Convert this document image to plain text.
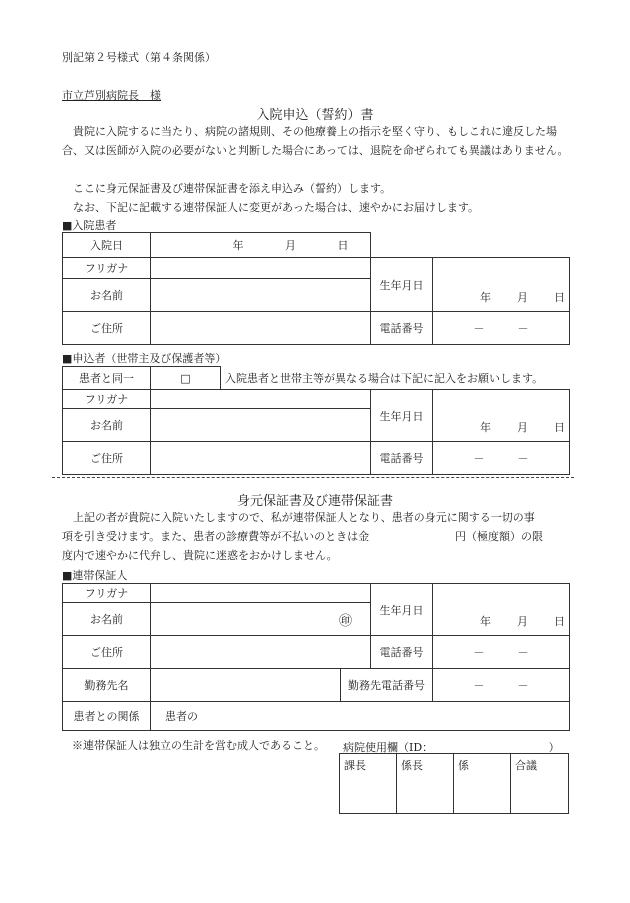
別記第２号様式（第４条関係）
市立芦別病院長　様
入院申込（誓約）書
貴院に入院するに当たり、病院の諸規則、その他療養上の指示を堅く守り、もしこれに違反した場合、又は医師が入院の必要がないと判断した場合にあっては、退院を命ぜられても異議はありません。
ここに身元保証書及び連帯保証書を添え申込み（誓約）します。
なお、下記に記載する連帯保証人に変更があった場合は、速やかにお届けします。
■入院患者
入院日	年 月 日		
フリガナ		生年月日	年 月 日
お名前			
ご住所		電話番号	－　　　－
■申込者（世帯主及び保護者等）
患者と同一	□	入院患者と世帯主等が異なる場合は下記に記入をお願いします。		
フリガナ			生年月日	年 月 日
お名前				
ご住所			電話番号	－　　　－
身元保証書及び連帯保証書
上記の者が貴院に入院いたしますので、私が連帯保証人となり、患者の身元に関する一切の事
項を引き受けます。また、患者の診療費等が不払いのときは金	円（極度額）の限
度内で速やかに代弁し、貴院に迷惑をおかけしません。
■連帯保証人
フリガナ			生年月日	年 月 日
お名前	㊞			
ご住所			電話番号	－　　　－
勤務先名		勤務先電話番号		－　　　－
患者との関係	患者の			
※連帯保証人は独立の生計を営む成人であること。 病院使用欄（ID：　　　　　　　　　　　）
課長	係長	係	合議
